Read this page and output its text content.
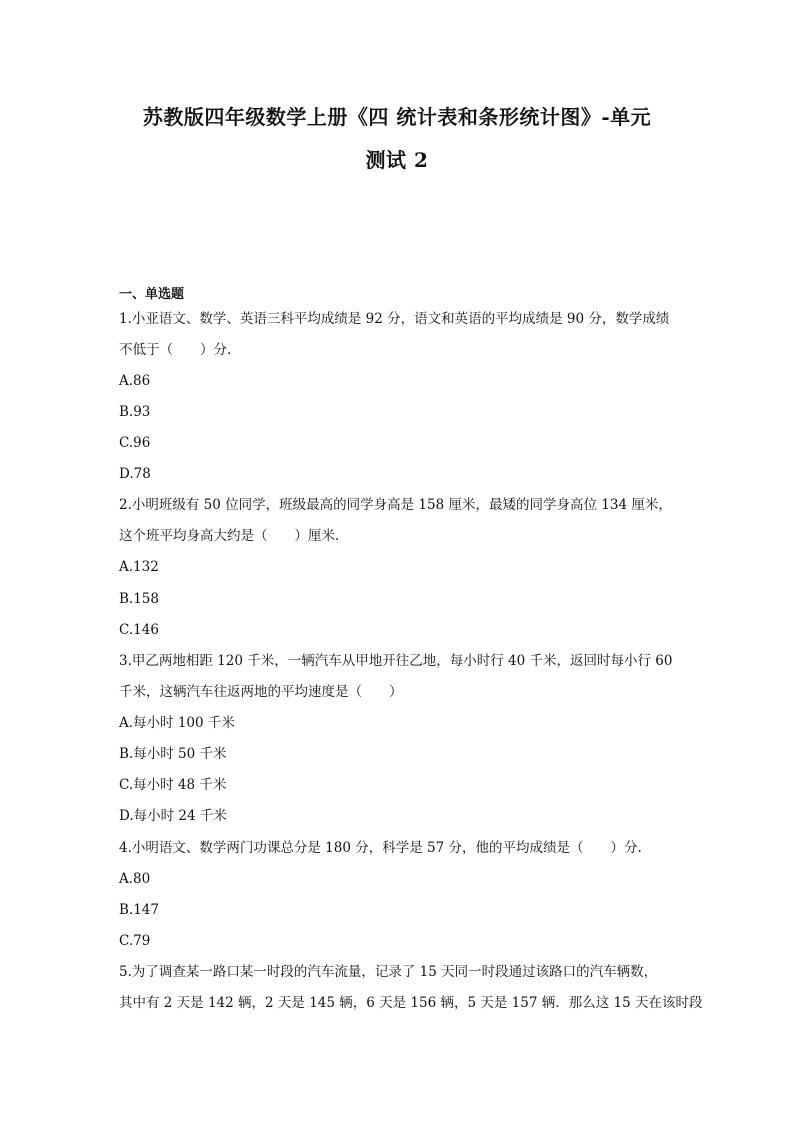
苏教版四年级数学上册《四 统计表和条形统计图》-单元
测试 2
一、单选题
1.小亚语文、数学、英语三科平均成绩是 92 分，语文和英语的平均成绩是 90 分，数学成绩
不低于（　　）分.
A.86
B.93
C.96
D.78
2.小明班级有 50 位同学，班级最高的同学身高是 158 厘米，最矮的同学身高位 134 厘米，
这个班平均身高大约是（　　）厘米.
A.132
B.158
C.146
3.甲乙两地相距 120 千米，一辆汽车从甲地开往乙地，每小时行 40 千米，返回时每小行 60
千米，这辆汽车往返两地的平均速度是（　　）
A.每小时 100 千米
B.每小时 50 千米
C.每小时 48 千米
D.每小时 24 千米
4.小明语文、数学两门功课总分是 180 分，科学是 57 分，他的平均成绩是（　　）分.
A.80
B.147
C.79
5.为了调查某一路口某一时段的汽车流量，记录了 15 天同一时段通过该路口的汽车辆数，
其中有 2 天是 142 辆，2 天是 145 辆，6 天是 156 辆，5 天是 157 辆．那么这 15 天在该时段
